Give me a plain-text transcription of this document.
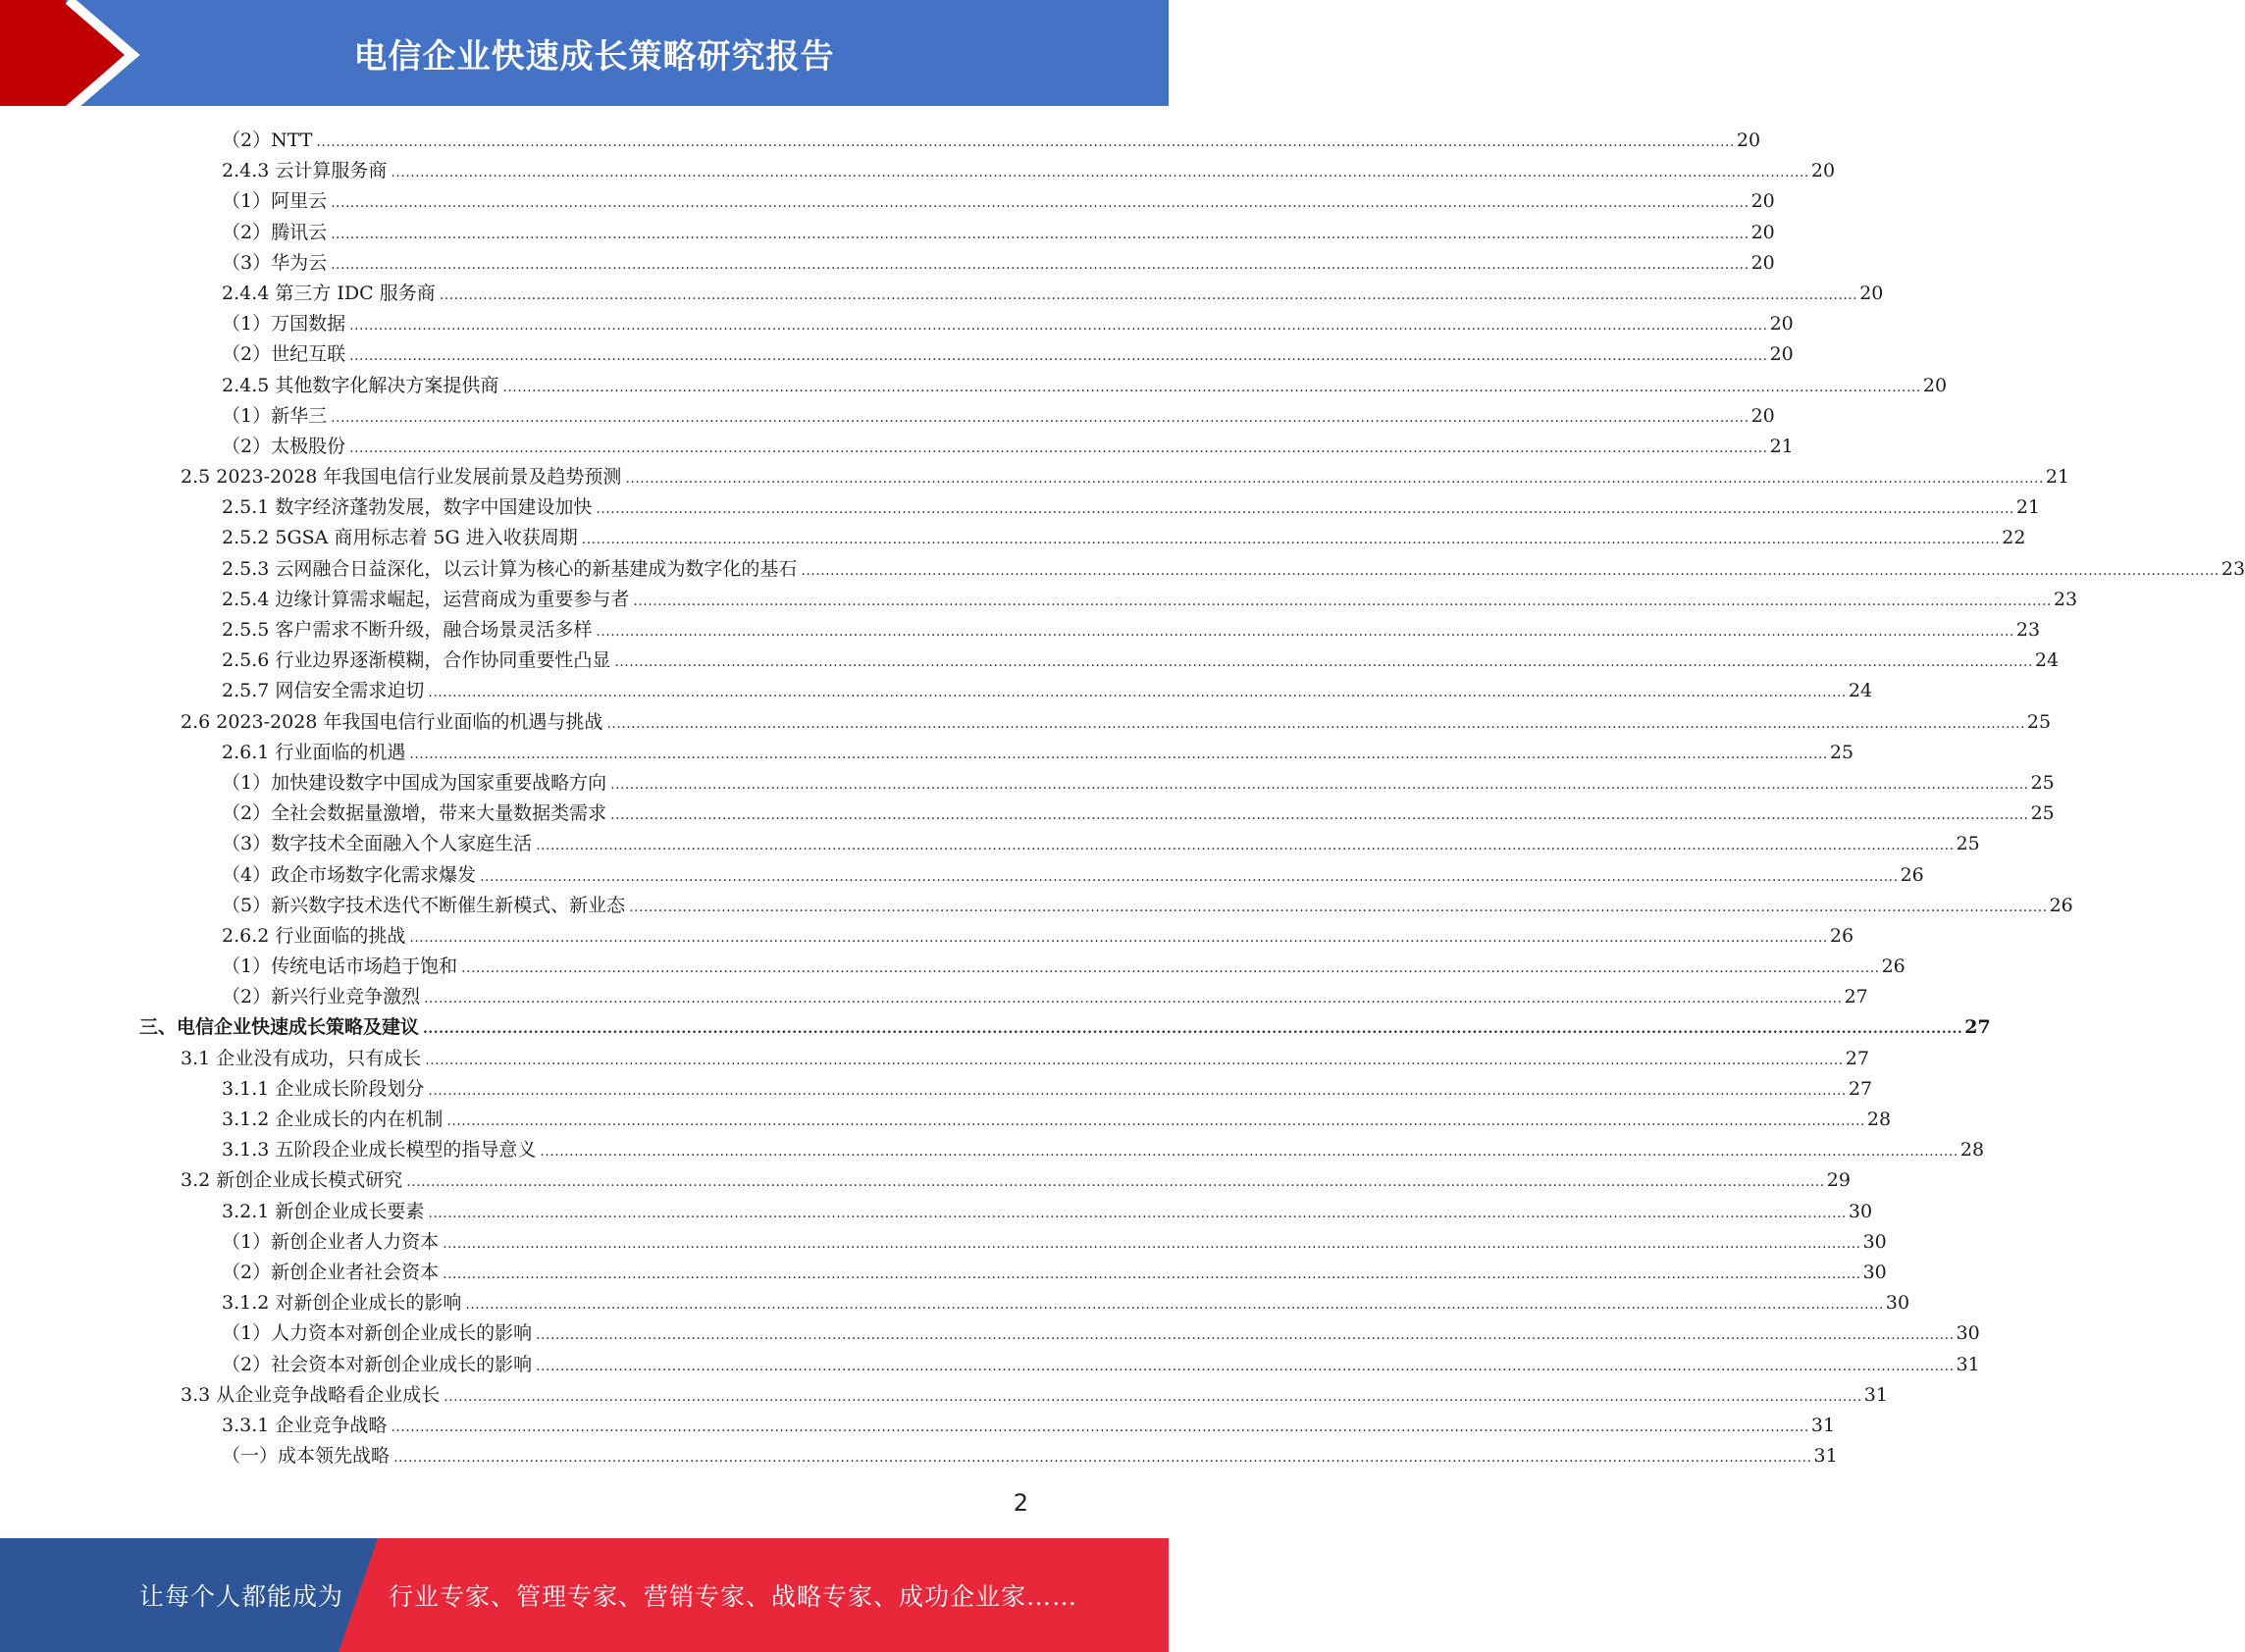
电信企业快速成长策略研究报告
（2）NTT .....	20
2.4.3 云计算服务商 .....	20
（1）阿里云 .....	20
（2）腾讯云 .....	20
（3）华为云 .....	20
2.4.4 第三方 IDC 服务商 .....	20
（1）万国数据 .....	20
（2）世纪互联 .....	20
2.4.5 其他数字化解决方案提供商 .....	20
（1）新华三 .....	20
（2）太极股份 .....	21
2.5 2023-2028 年我国电信行业发展前景及趋势预测 .....	21
2.5.1 数字经济蓬勃发展，数字中国建设加快 .....	21
2.5.2 5GSA 商用标志着 5G 进入收获周期 .....	22
2.5.3 云网融合日益深化，以云计算为核心的新基建成为数字化的基石 .....	23
2.5.4 边缘计算需求崛起，运营商成为重要参与者 .....	23
2.5.5 客户需求不断升级，融合场景灵活多样 .....	23
2.5.6 行业边界逐渐模糊，合作协同重要性凸显 .....	24
2.5.7 网信安全需求迫切 .....	24
2.6 2023-2028 年我国电信行业面临的机遇与挑战 .....	25
2.6.1 行业面临的机遇 .....	25
（1）加快建设数字中国成为国家重要战略方向 .....	25
（2）全社会数据量激增，带来大量数据类需求 .....	25
（3）数字技术全面融入个人家庭生活 .....	25
（4）政企市场数字化需求爆发 .....	26
（5）新兴数字技术迭代不断催生新模式、新业态 .....	26
2.6.2 行业面临的挑战 .....	26
（1）传统电话市场趋于饱和 .....	26
（2）新兴行业竞争激烈 .....	27
三、电信企业快速成长策略及建议 .....	27
3.1 企业没有成功，只有成长 .....	27
3.1.1 企业成长阶段划分 .....	27
3.1.2 企业成长的内在机制 .....	28
3.1.3 五阶段企业成长模型的指导意义 .....	28
3.2 新创企业成长模式研究 .....	29
3.2.1 新创企业成长要素 .....	30
（1）新创企业者人力资本 .....	30
（2）新创企业者社会资本 .....	30
3.1.2 对新创企业成长的影响 .....	30
（1）人力资本对新创企业成长的影响 .....	30
（2）社会资本对新创企业成长的影响 .....	31
3.3 从企业竞争战略看企业成长 .....	31
3.3.1 企业竞争战略 .....	31
（一）成本领先战略 .....	31
2
让每个人都能成为 行业专家、管理专家、营销专家、战略专家、成功企业家……
